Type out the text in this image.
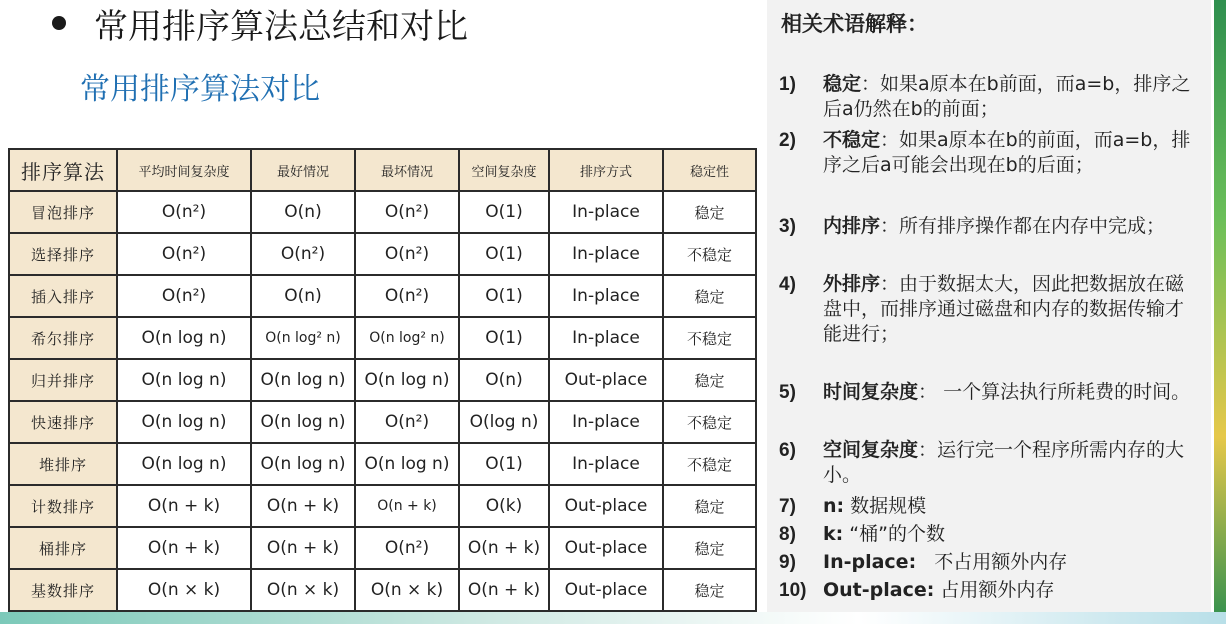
常用排序算法总结和对比
常用排序算法对比
排序算法	平均时间复杂度	最好情况	最坏情况	空间复杂度	排序方式	稳定性
冒泡排序	O(n²)	O(n)	O(n²)	O(1)	In-place	稳定
选择排序	O(n²)	O(n²)	O(n²)	O(1)	In-place	不稳定
插入排序	O(n²)	O(n)	O(n²)	O(1)	In-place	稳定
希尔排序	O(n log n)	O(n log² n)	O(n log² n)	O(1)	In-place	不稳定
归并排序	O(n log n)	O(n log n)	O(n log n)	O(n)	Out-place	稳定
快速排序	O(n log n)	O(n log n)	O(n²)	O(log n)	In-place	不稳定
堆排序	O(n log n)	O(n log n)	O(n log n)	O(1)	In-place	不稳定
计数排序	O(n + k)	O(n + k)	O(n + k)	O(k)	Out-place	稳定
桶排序	O(n + k)	O(n + k)	O(n²)	O(n + k)	Out-place	稳定
基数排序	O(n × k)	O(n × k)	O(n × k)	O(n + k)	Out-place	稳定
相关术语解释：
1)	稳定：如果a原本在b前面，而a=b，排序之后a仍然在b的前面；
2)	不稳定：如果a原本在b的前面，而a=b，排序之后a可能会出现在b的后面；
3)	内排序：所有排序操作都在内存中完成；
4)	外排序：由于数据太大，因此把数据放在磁盘中，而排序通过磁盘和内存的数据传输才能进行；
5)	时间复杂度： 一个算法执行所耗费的时间。
6)	空间复杂度：运行完一个程序所需内存的大小。
7)	n: 数据规模
8)	k: “桶”的个数
9)	In-place: 不占用额外内存
10) Out-place: 占用额外内存
